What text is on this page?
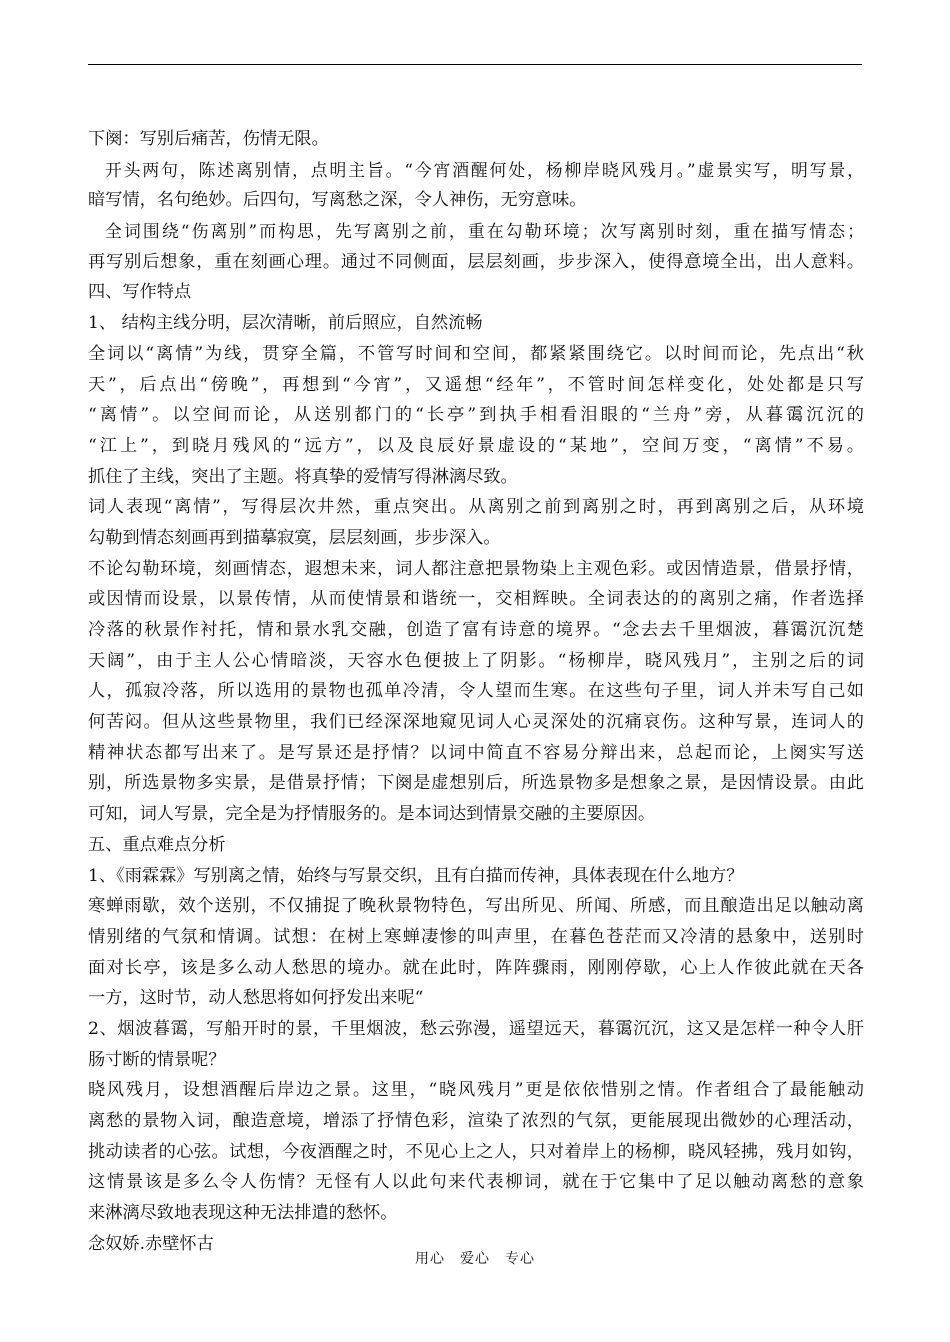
下阕：写别后痛苦，伤情无限。
开头两句，陈述离别情，点明主旨。“今宵酒醒何处，杨柳岸晓风残月。”虚景实写，明写景，
暗写情，名句绝妙。后四句，写离愁之深，令人神伤，无穷意味。
全词围绕“伤离别”而构思，先写离别之前，重在勾勒环境；次写离别时刻，重在描写情态；
再写别后想象，重在刻画心理。通过不同侧面，层层刻画，步步深入，使得意境全出，出人意料。
四、写作特点
1、 结构主线分明，层次清晰，前后照应，自然流畅
全词以“离情”为线，贯穿全篇，不管写时间和空间，都紧紧围绕它。以时间而论，先点出“秋
天”，后点出“傍晚”，再想到“今宵”，又遥想“经年”，不管时间怎样变化，处处都是只写
“离情”。以空间而论，从送别都门的“长亭”到执手相看泪眼的“兰舟”旁，从暮霭沉沉的
“江上”，到晓月残风的“远方”，以及良辰好景虚设的“某地”，空间万变，“离情”不易。
抓住了主线，突出了主题。将真挚的爱情写得淋漓尽致。
词人表现“离情”，写得层次井然，重点突出。从离别之前到离别之时，再到离别之后，从环境
勾勒到情态刻画再到描摹寂寞，层层刻画，步步深入。
不论勾勒环境，刻画情态，遐想未来，词人都注意把景物染上主观色彩。或因情造景，借景抒情，
或因情而设景，以景传情，从而使情景和谐统一，交相辉映。全词表达的的离别之痛，作者选择
冷落的秋景作衬托，情和景水乳交融，创造了富有诗意的境界。“念去去千里烟波，暮霭沉沉楚
天阔”，由于主人公心情暗淡，天容水色便披上了阴影。“杨柳岸，晓风残月”，主别之后的词
人，孤寂冷落，所以选用的景物也孤单冷清，令人望而生寒。在这些句子里，词人并未写自己如
何苦闷。但从这些景物里，我们已经深深地窥见词人心灵深处的沉痛哀伤。这种写景，连词人的
精神状态都写出来了。是写景还是抒情？以词中简直不容易分辩出来，总起而论，上阕实写送
别，所选景物多实景，是借景抒情；下阕是虚想别后，所选景物多是想象之景，是因情设景。由此
可知，词人写景，完全是为抒情服务的。是本词达到情景交融的主要原因。
五、重点难点分析
1、《雨霖霖》写别离之情，始终与写景交织，且有白描而传神，具体表现在什么地方？
寒蝉雨歇，效个送别，不仅捕捉了晚秋景物特色，写出所见、所闻、所感，而且酿造出足以触动离
情别绪的气氛和情调。试想：在树上寒蝉凄惨的叫声里，在暮色苍茫而又冷清的悬象中，送别时
面对长亭，该是多么动人愁思的境办。就在此时，阵阵骤雨，刚刚停歇，心上人作彼此就在天各
一方，这时节，动人愁思将如何抒发出来呢“
2、烟波暮霭，写船开时的景，千里烟波，愁云弥漫，遥望远天，暮霭沉沉，这又是怎样一种令人肝
肠寸断的情景呢？
晓风残月，设想酒醒后岸边之景。这里，“晓风残月”更是依依惜别之情。作者组合了最能触动
离愁的景物入词，酿造意境，增添了抒情色彩，渲染了浓烈的气氛，更能展现出微妙的心理活动，
挑动读者的心弦。试想，今夜酒醒之时，不见心上之人，只对着岸上的杨柳，晓风轻拂，残月如钩，
这情景该是多么令人伤情？无怪有人以此句来代表柳词，就在于它集中了足以触动离愁的意象
来淋漓尽致地表现这种无法排遣的愁怀。
念奴娇.赤壁怀古
用心　爱心　专心
